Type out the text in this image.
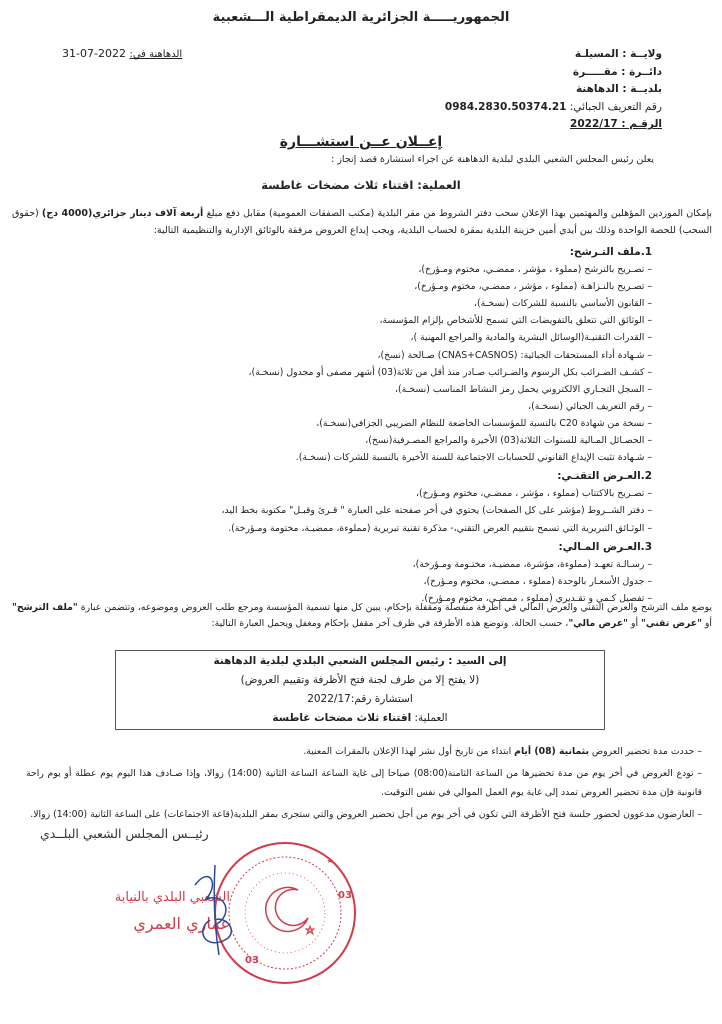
الجمهوريـــــة الجزائرية الديمقراطية الـــشعبية
الدهاهنة في: 2022-07-31	ولايــة : المسيلـة
دائــرة : مقـــــرة
بلديــة : الدهاهنة
رقم التعريف الجبائي: 0984.2830.50374.21
الرقـم : 2022/17
إعــلان عــن استشـــارة
يعلن رئيس المجلس الشعبي البلدي لبلدية الدهاهنة عن اجراء استشارة قصد إنجاز :
العملية: اقتناء ثلاث مضخات غاطسة
بإمكان الموردين المؤهلين والمهتمين بهذا الإعلان سحب دفتر الشروط من مقر البلدية (مكتب الصفقات العمومية) مقابل دفع مبلغ أربعة آلاف دينار جزائري(4000 دج) (حقوق السحب) للحصة الواحدة وذلك بين أيدي أمين خزينة البلدية بمقرة لحساب البلدية، ويجب إيداع العروض مرفقة بالوثائق الإدارية والتنظيمية التالية:
1.ملف التـرشح:
– تصـريح بالترشح (مملوء ، مؤشر ، ممضـي، مختوم ومـؤرخ)،
– تصـريح بالنـزاهـة (مملوء ، مؤشر ، ممضـي، مختوم ومـؤرخ)،
– القانون الأساسي بالنسبة للشركات (نسخـة)،
– الوثائق التي تتعلق بالتفويضات التي تسمح للأشخاص بإلزام المؤسسة،
– القدرات التقنيـة(الوسائل البشرية والمادية والمراجع المهنية )،
– شـهادة أداء المستحقات الجبائية: (CNAS+CASNOS) صـالحة (نسخ)،
– كشـف الضـرائب بكل الرسوم والضـرائب صـادر منذ أقل من ثلاثة(03) أشهر مصفى أو مجدول (نسخـة)،
– السجل التجـاري الالكتروني يحمل رمز النشاط المناسب (نسخـة)،
– رقم التعريف الجبائي (نسخـة)،
– نسخة من شهادة C20 بالنسبة للمؤسسات الخاضعة للنظام الضريبي الجزافي(نسخـة)،
– الحصـائل المـالية للسنوات الثلاثة(03) الأخيرة والمراجع المصـرفية(نسخ)،
– شـهادة تثبت الإيداع القانوني للحسابات الاجتماعية للسنة الأخيرة بالنسبة للشركات (نسخـة).
2.العـرض التقنـي:
– تصـريح بالاكتتاب (مملوء ، مؤشر ، ممضـي، مختوم ومـؤرخ)،
– دفتر الشــروط (مؤشر على كل الصفحات) يحتوي في أخر صفحته على العبارة " قـرئ وقبـل" مكتوبة بخط اليد،
– الوثـائق التبريرية التي تسمح بتقييم العرض التقني،- مذكرة تقنية تبريرية (مملوءة، ممضيـة، مختومة ومـؤرخة).
3.العـرض المـالي:
– رسـالـة تعهـد (مملوءة، مؤشرة، ممضيـة، مختـومة ومـؤرخة)،
– جدول الأسعـار بالوحدة (مملوء ، ممضـي، مختوم ومـؤرخ)،
– تفصيل كـمي و تقـديري (مملوء ، ممضـي، مختوم ومـؤرخ).
يوضع ملف الترشح والعرض التقني والعرض المالي في أظرفة منفصلة ومقفلة بإحكام، يبين كل منها تسمية المؤسسة ومرجع طلب العروض وموضوعه، وتتضمن عبارة "ملف الترشح" أو "عرض تقني" أو "عرض مالي"، حسب الحالة. وتوضع هذه الأظرفة في ظرف آخر مقفل بإحكام ومغفل ويحمل العبارة التالية:
إلى السيد : رئيس المجلس الشعبي البلدي لبلدية الدهاهنة
(لا يفتح إلا من طرف لجنة فتح الأظرفة وتقييم العروض)
استشارة رقم:2022/17
العملية: اقتناء ثلاث مضخات غاطسة

– حددت مدة تحضير العروض بثمانية (08) أيام ابتداء من تاريخ أول نشر لهذا الإعلان بالمقرات المعنية.

– تودع العروض في أخر يوم من مدة تحضيرها من الساعة الثامنة(08:00) صباحا إلى غاية الساعة الساعة الثانية (14:00) زوالا، وإذا صـادف هذا اليوم يوم عطلة أو يوم راحة قانونية فإن مدة تحضير العروض تمدد إلى غاية يوم العمل الموالي في نفس التوقيت.

– العارضون مدعوون لحضور جلسة فتح الأظرفة التي تكون في أخر يوم من أجل تحضير العروض والتي ستجرى بمقر البلدية(قاعة الاجتماعات) على الساعة الثانية (14:00) زوالا.

رئيــس المجلس الشعبي البلــدي
03
03
الشعبي البلدي بالنيابة
عماري العمري
